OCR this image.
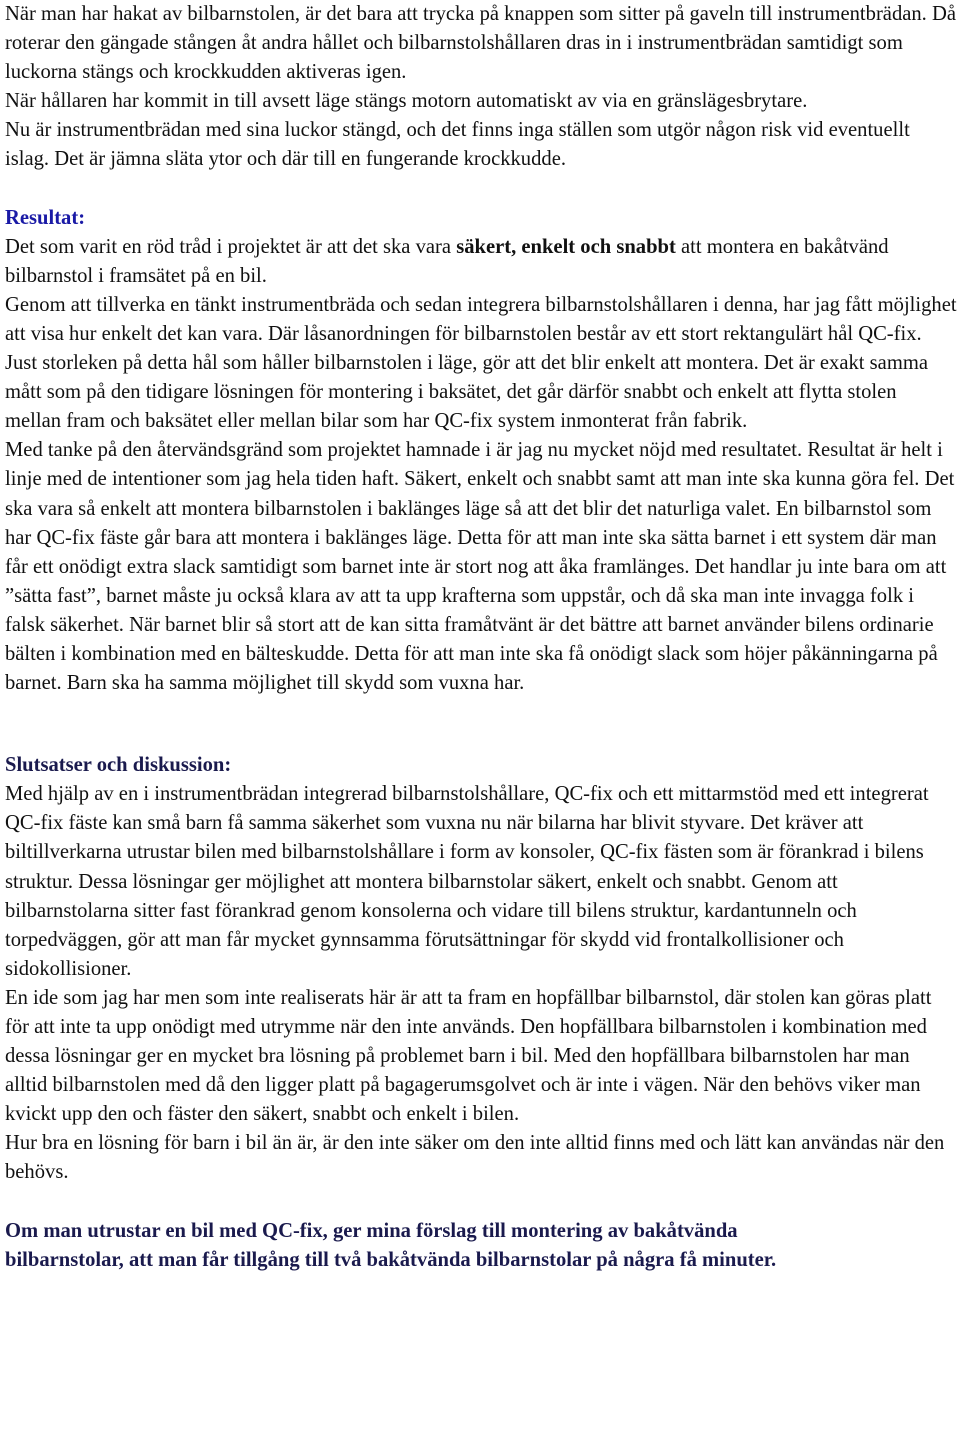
När man har hakat av bilbarnstolen, är det bara att trycka på knappen som sitter på gaveln till instrumentbrädan. Då roterar den gängade stången åt andra hållet och bilbarnstolshållaren dras in i instrumentbrädan samtidigt som luckorna stängs och krockkudden aktiveras igen.

När hållaren har kommit in till avsett läge stängs motorn automatiskt av via en gränslägesbrytare.

Nu är instrumentbrädan med sina luckor stängd, och det finns inga ställen som utgör någon risk vid eventuellt islag. Det är jämna släta ytor och där till en fungerande krockkudde.

Resultat:

Det som varit en röd tråd i projektet är att det ska vara säkert, enkelt och snabbt att montera en bakåtvänd bilbarnstol i framsätet på en bil.

Genom att tillverka en tänkt instrumentbräda och sedan integrera bilbarnstolshållaren i denna, har jag fått möjlighet att visa hur enkelt det kan vara. Där låsanordningen för bilbarnstolen består av ett stort rektangulärt hål QC-fix. Just storleken på detta hål som håller bilbarnstolen i läge, gör att det blir enkelt att montera. Det är exakt samma mått som på den tidigare lösningen för montering i baksätet, det går därför snabbt och enkelt att flytta stolen mellan fram och baksätet eller mellan bilar som har QC-fix system inmonterat från fabrik.

Med tanke på den återvändsgränd som projektet hamnade i är jag nu mycket nöjd med resultatet. Resultat är helt i linje med de intentioner som jag hela tiden haft. Säkert, enkelt och snabbt samt att man inte ska kunna göra fel. Det ska vara så enkelt att montera bilbarnstolen i baklänges läge så att det blir det naturliga valet. En bilbarnstol som har QC-fix fäste går bara att montera i baklänges läge. Detta för att man inte ska sätta barnet i ett system där man får ett onödigt extra slack samtidigt som barnet inte är stort nog att åka framlänges. Det handlar ju inte bara om att ”sätta fast”, barnet måste ju också klara av att ta upp krafterna som uppstår, och då ska man inte invagga folk i falsk säkerhet. När barnet blir så stort att de kan sitta framåtvänt är det bättre att barnet använder bilens ordinarie bälten i kombination med en bälteskudde. Detta för att man inte ska få onödigt slack som höjer påkänningarna på barnet. Barn ska ha samma möjlighet till skydd som vuxna har.

Slutsatser och diskussion:

Med hjälp av en i instrumentbrädan integrerad bilbarnstolshållare, QC-fix och ett mittarmstöd med ett integrerat QC-fix fäste kan små barn få samma säkerhet som vuxna nu när bilarna har blivit styvare. Det kräver att biltillverkarna utrustar bilen med bilbarnstolshållare i form av konsoler, QC-fix fästen som är förankrad i bilens struktur. Dessa lösningar ger möjlighet att montera bilbarnstolar säkert, enkelt och snabbt. Genom att bilbarnstolarna sitter fast förankrad genom konsolerna och vidare till bilens struktur, kardantunneln och torpedväggen, gör att man får mycket gynnsamma förutsättningar för skydd vid frontalkollisioner och sidokollisioner.

En ide som jag har men som inte realiserats här är att ta fram en hopfällbar bilbarnstol, där stolen kan göras platt för att inte ta upp onödigt med utrymme när den inte används. Den hopfällbara bilbarnstolen i kombination med dessa lösningar ger en mycket bra lösning på problemet barn i bil. Med den hopfällbara bilbarnstolen har man alltid bilbarnstolen med då den ligger platt på bagagerumsgolvet och är inte i vägen. När den behövs viker man kvickt upp den och fäster den säkert, snabbt och enkelt i bilen.

Hur bra en lösning för barn i bil än är, är den inte säker om den inte alltid finns med och lätt kan användas när den behövs.

Om man utrustar en bil med QC-fix, ger mina förslag till montering av bakåtvända

bilbarnstolar, att man får tillgång till två bakåtvända bilbarnstolar på några få minuter.
